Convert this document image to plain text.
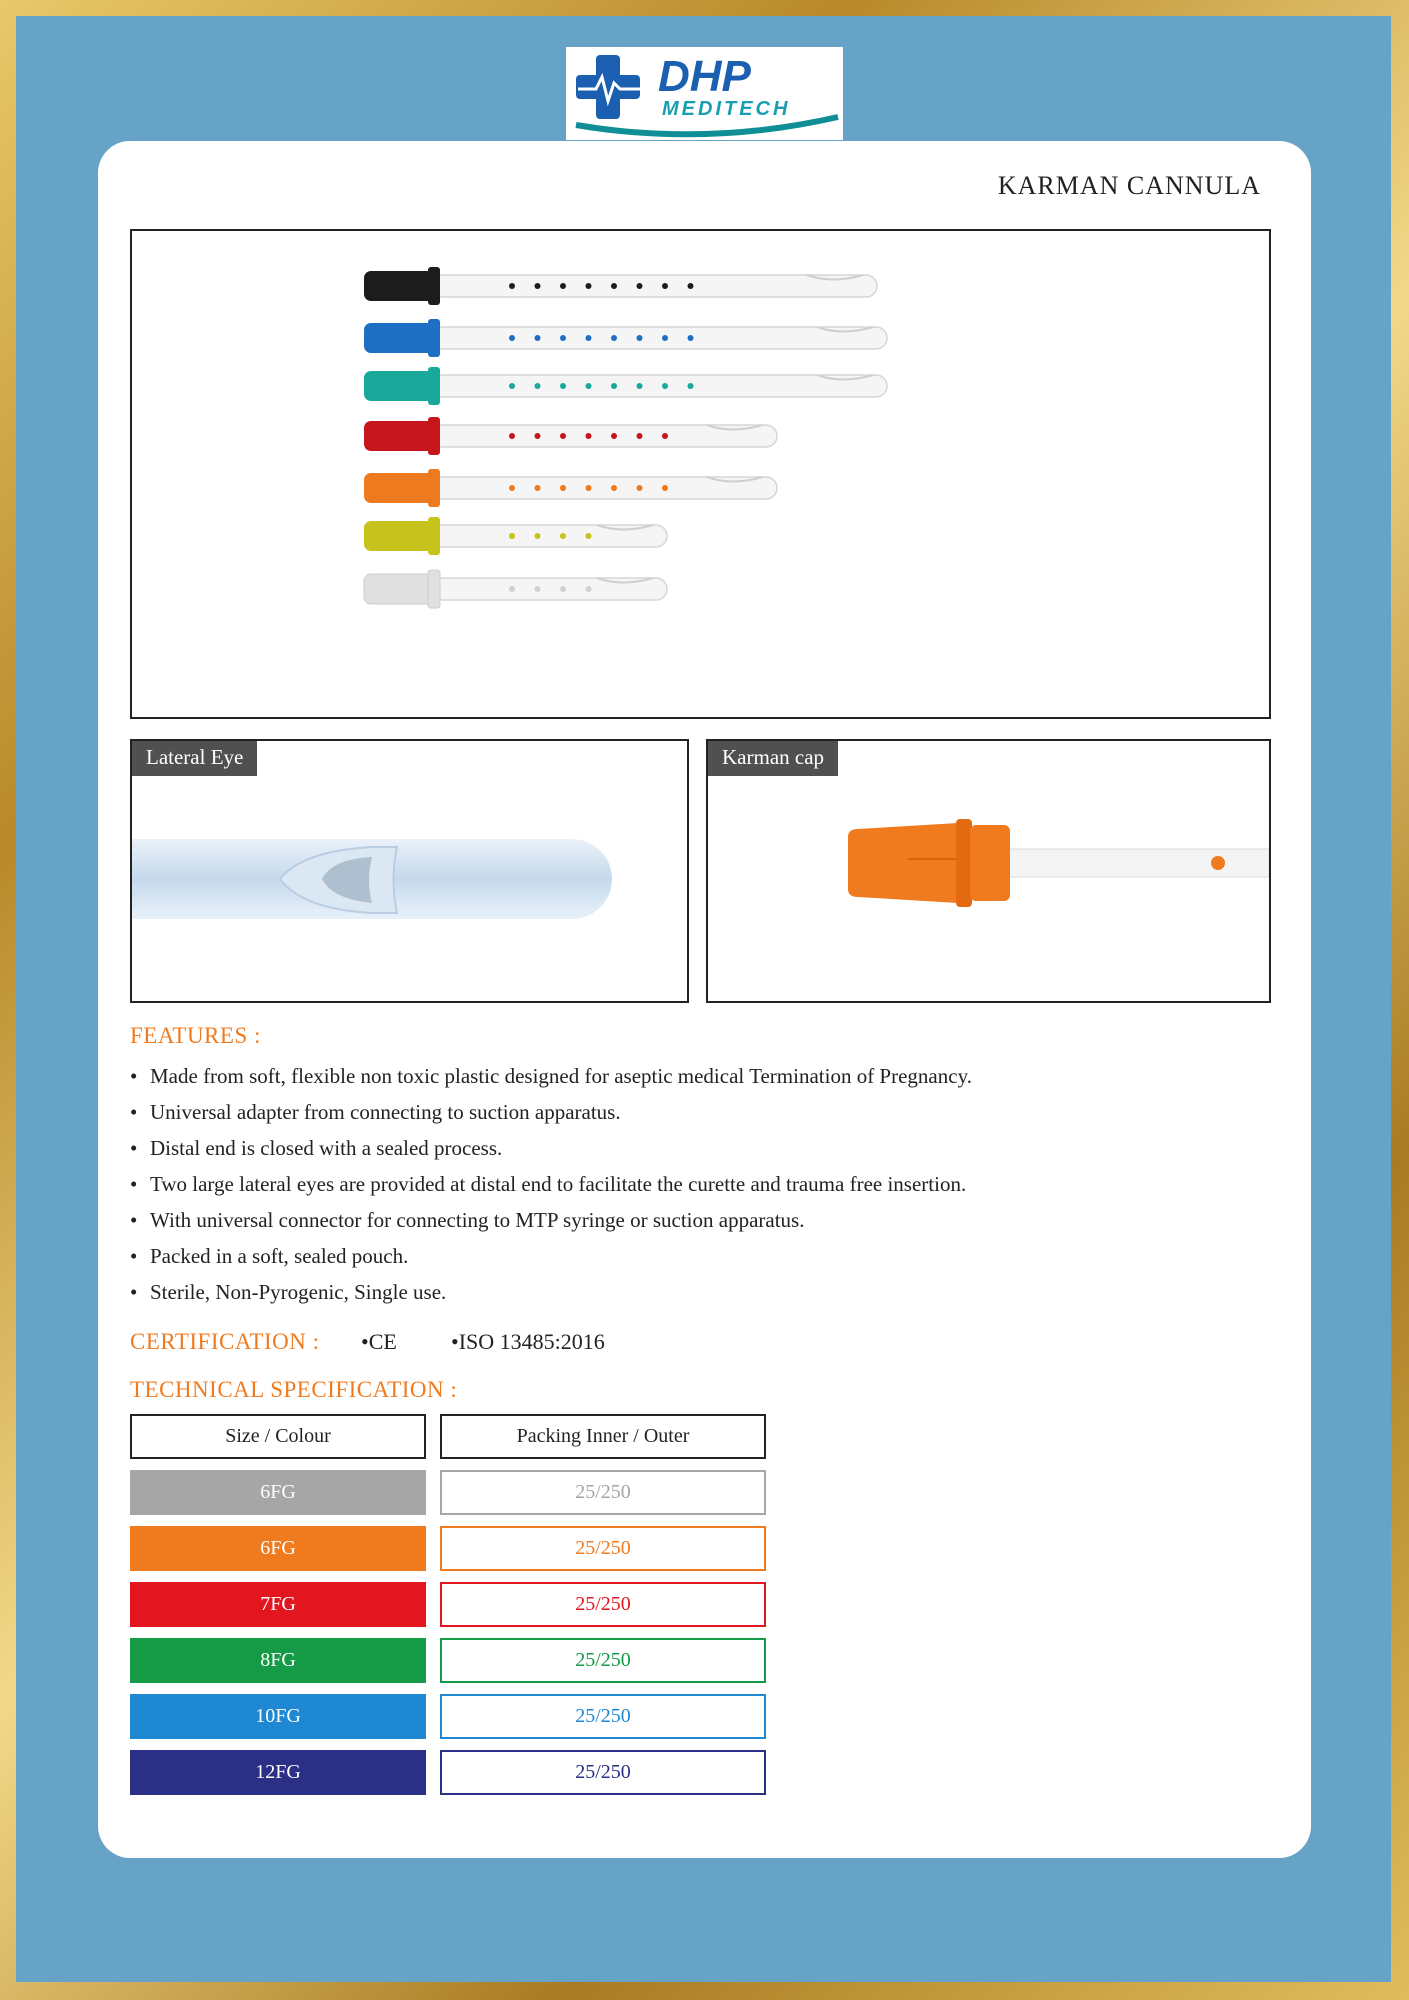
DHP
MEDITECH
KARMAN CANNULA
Lateral Eye	Karman cap
FEATURES :
• Made from soft, flexible non toxic plastic designed for aseptic medical Termination of Pregnancy.
• Universal adapter from connecting to suction apparatus.
• Distal end is closed with a sealed process.
• Two large lateral eyes are provided at distal end to facilitate the curette and trauma free insertion.
• With universal connector for connecting to MTP syringe or suction apparatus.
• Packed in a soft, sealed pouch.
• Sterile, Non-Pyrogenic, Single use.
CERTIFICATION : •CE •ISO 13485:2016
TECHNICAL SPECIFICATION :
Size / Colour	Packing Inner / Outer
6FG	25/250
6FG	25/250
7FG	25/250
8FG	25/250
10FG	25/250
12FG	25/250
